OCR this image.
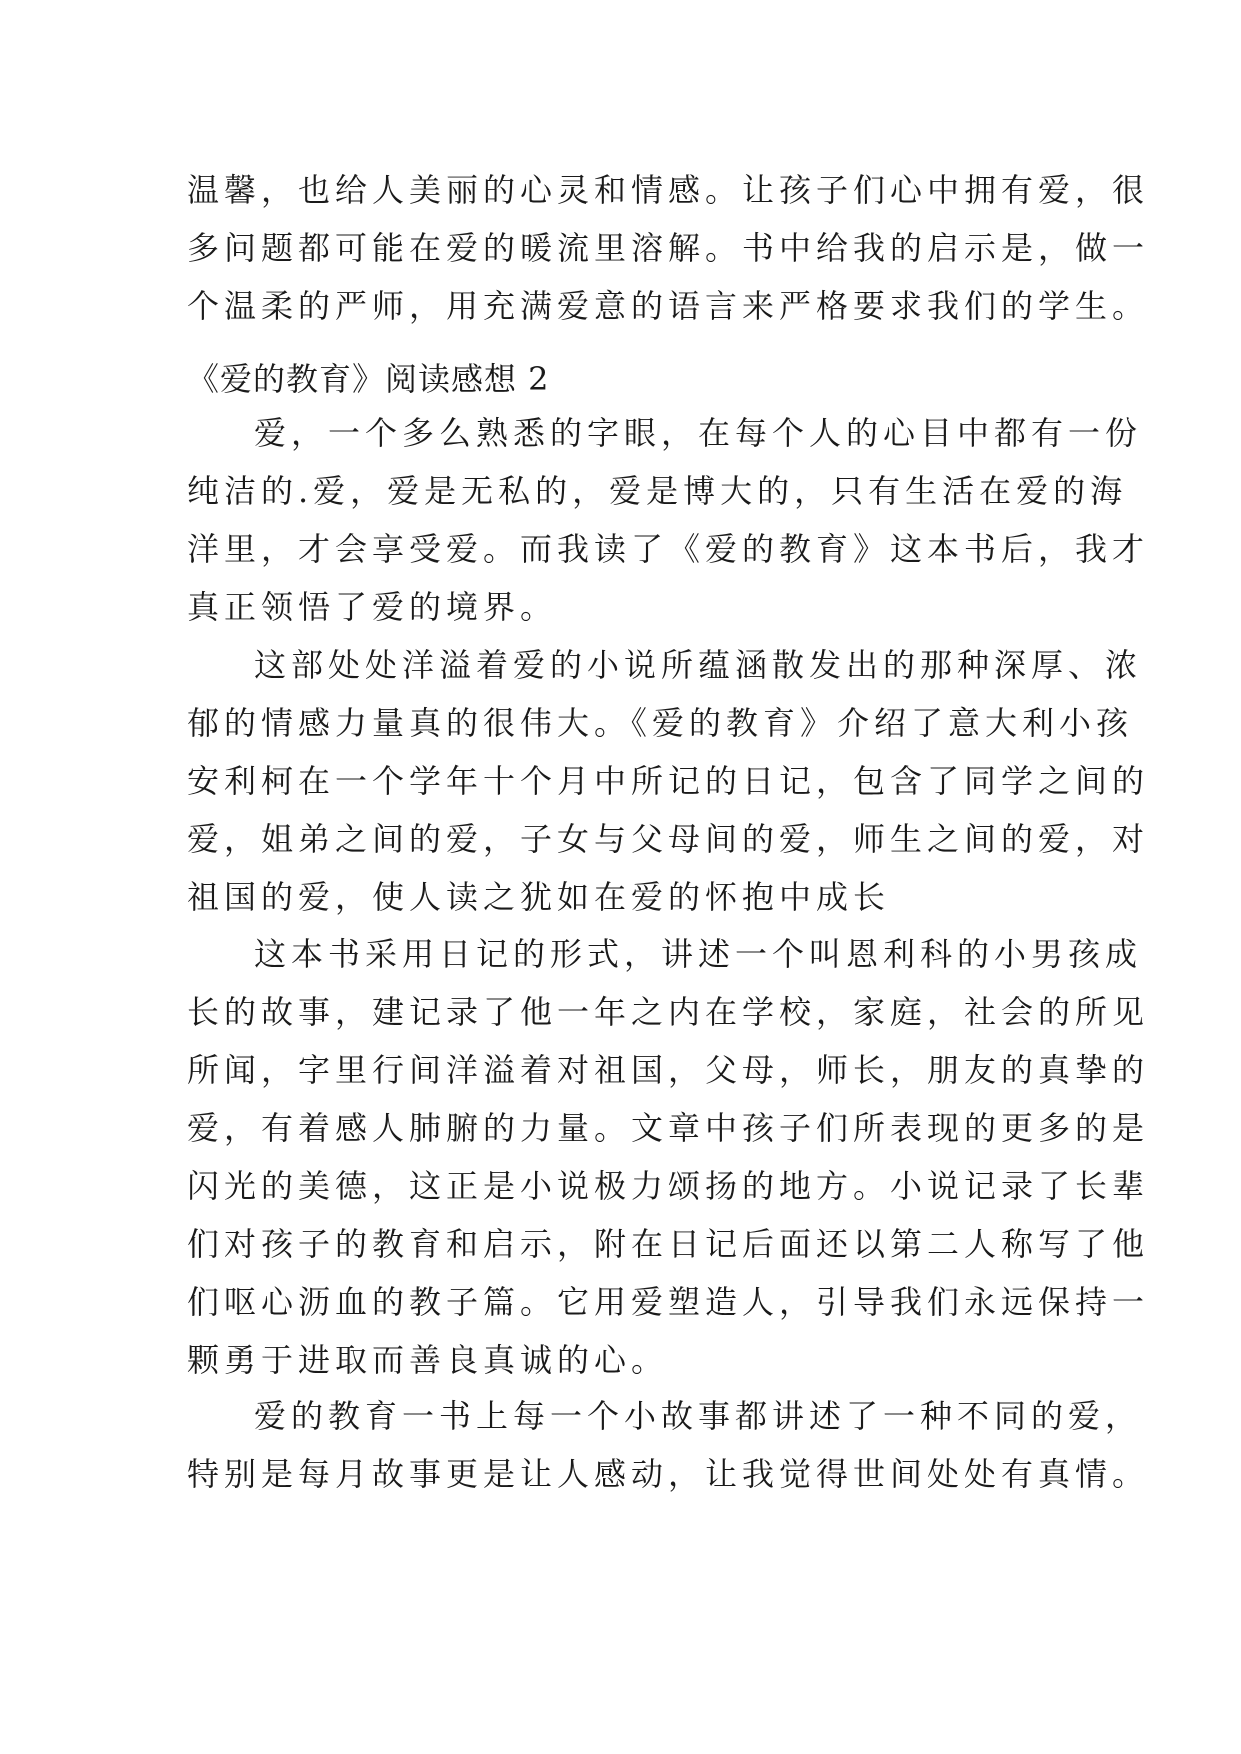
温馨，也给人美丽的心灵和情感。让孩子们心中拥有爱，很
多问题都可能在爱的暖流里溶解。书中给我的启示是，做一
个温柔的严师，用充满爱意的语言来严格要求我们的学生。
《爱的教育》阅读感想 2
爱，一个多么熟悉的字眼，在每个人的心目中都有一份
纯洁的.爱，爱是无私的，爱是博大的，只有生活在爱的海
洋里，才会享受爱。而我读了《爱的教育》这本书后，我才
真正领悟了爱的境界。
这部处处洋溢着爱的小说所蕴涵散发出的那种深厚、浓
郁的情感力量真的很伟大。《爱的教育》介绍了意大利小孩
安利柯在一个学年十个月中所记的日记，包含了同学之间的
爱，姐弟之间的爱，子女与父母间的爱，师生之间的爱，对
祖国的爱，使人读之犹如在爱的怀抱中成长
这本书采用日记的形式，讲述一个叫恩利科的小男孩成
长的故事，建记录了他一年之内在学校，家庭，社会的所见
所闻，字里行间洋溢着对祖国，父母，师长，朋友的真挚的
爱，有着感人肺腑的力量。文章中孩子们所表现的更多的是
闪光的美德，这正是小说极力颂扬的地方。小说记录了长辈
们对孩子的教育和启示，附在日记后面还以第二人称写了他
们呕心沥血的教子篇。它用爱塑造人，引导我们永远保持一
颗勇于进取而善良真诚的心。
爱的教育一书上每一个小故事都讲述了一种不同的爱，
特别是每月故事更是让人感动，让我觉得世间处处有真情。
